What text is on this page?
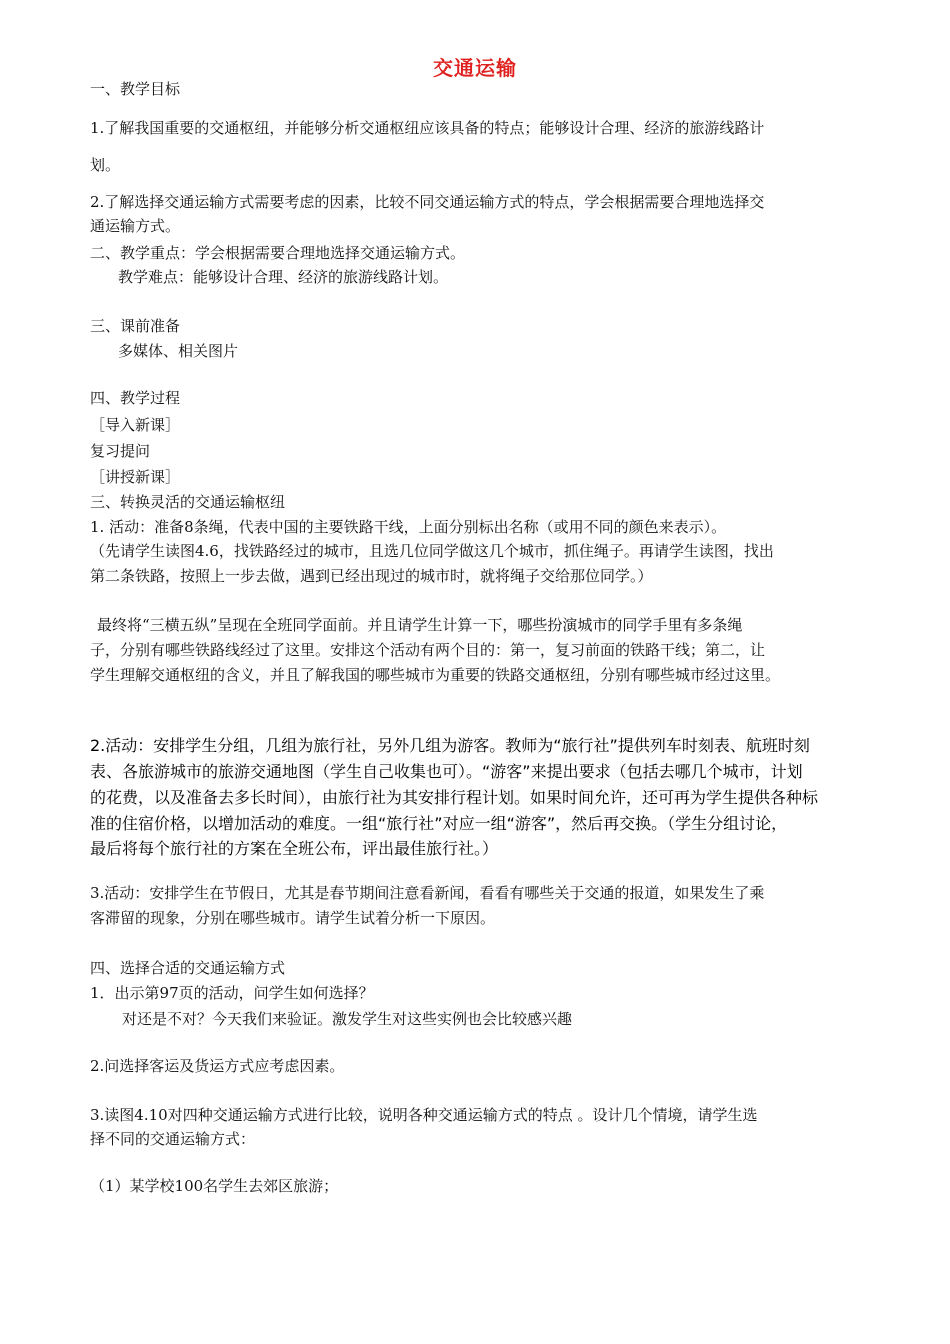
交通运输
一、教学目标
1.了解我国重要的交通枢纽，并能够分析交通枢纽应该具备的特点；能够设计合理、经济的旅游线路计
划。
2.了解选择交通运输方式需要考虑的因素，比较不同交通运输方式的特点，学会根据需要合理地选择交
通运输方式。
二、教学重点：学会根据需要合理地选择交通运输方式。
教学难点：能够设计合理、经济的旅游线路计划。
三、课前准备
多媒体、相关图片
四、教学过程
［导入新课］
复习提问
［讲授新课］
三、转换灵活的交通运输枢纽
1. 活动：准备8条绳，代表中国的主要铁路干线，上面分别标出名称（或用不同的颜色来表示）。
（先请学生读图4.6，找铁路经过的城市，且选几位同学做这几个城市，抓住绳子。再请学生读图，找出
第二条铁路，按照上一步去做，遇到已经出现过的城市时，就将绳子交给那位同学。）
最终将“三横五纵”呈现在全班同学面前。并且请学生计算一下，哪些扮演城市的同学手里有多条绳
子，分别有哪些铁路线经过了这里。安排这个活动有两个目的：第一，复习前面的铁路干线；第二，让
学生理解交通枢纽的含义，并且了解我国的哪些城市为重要的铁路交通枢纽，分别有哪些城市经过这里。
2.活动：安排学生分组，几组为旅行社，另外几组为游客。教师为“旅行社”提供列车时刻表、航班时刻
表、各旅游城市的旅游交通地图（学生自己收集也可）。“游客”来提出要求（包括去哪几个城市，计划
的花费，以及准备去多长时间），由旅行社为其安排行程计划。如果时间允许，还可再为学生提供各种标
准的住宿价格，以增加活动的难度。一组“旅行社”对应一组“游客”，然后再交换。（学生分组讨论，
最后将每个旅行社的方案在全班公布，评出最佳旅行社。）
3.活动：安排学生在节假日，尤其是春节期间注意看新闻，看看有哪些关于交通的报道，如果发生了乘
客滞留的现象，分别在哪些城市。请学生试着分析一下原因。
四、选择合适的交通运输方式
1．出示第97页的活动，问学生如何选择？
对还是不对？今天我们来验证。激发学生对这些实例也会比较感兴趣
2.问选择客运及货运方式应考虑因素。
3.读图4.10对四种交通运输方式进行比较，说明各种交通运输方式的特点 。设计几个情境，请学生选
择不同的交通运输方式：
（1）某学校100名学生去郊区旅游；
